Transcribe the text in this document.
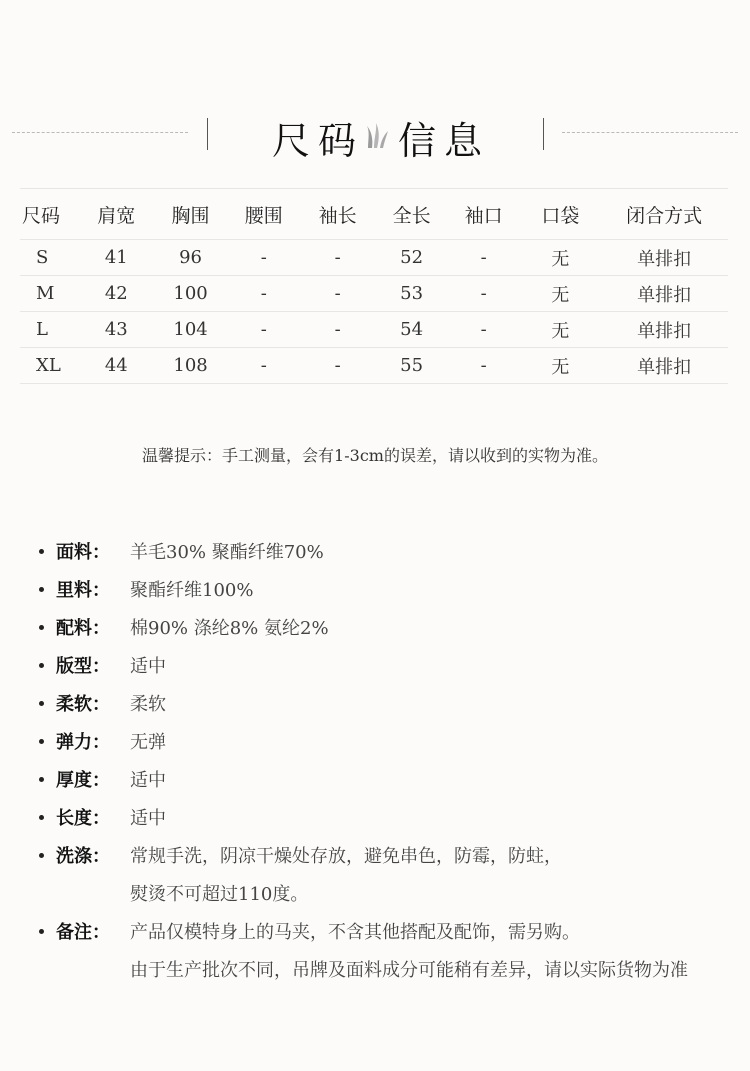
尺码 信息
尺码	肩宽	胸围	腰围	袖长	全长	袖口	口袋	闭合方式
S	41	96	-	-	52	-	无	单排扣
M	42	100	-	-	53	-	无	单排扣
L	43	104	-	-	54	-	无	单排扣
XL	44	108	-	-	55	-	无	单排扣
温馨提示：手工测量，会有1-3cm的误差，请以收到的实物为准。
面料： 羊毛30% 聚酯纤维70%
里料： 聚酯纤维100%
配料： 棉90% 涤纶8% 氨纶2%
版型： 适中
柔软： 柔软
弹力： 无弹
厚度： 适中
长度： 适中
洗涤： 常规手洗，阴凉干燥处存放，避免串色，防霉，防蛀，
熨烫不可超过110度。
备注： 产品仅模特身上的马夹，不含其他搭配及配饰，需另购。
由于生产批次不同，吊牌及面料成分可能稍有差异，请以实际货物为准
